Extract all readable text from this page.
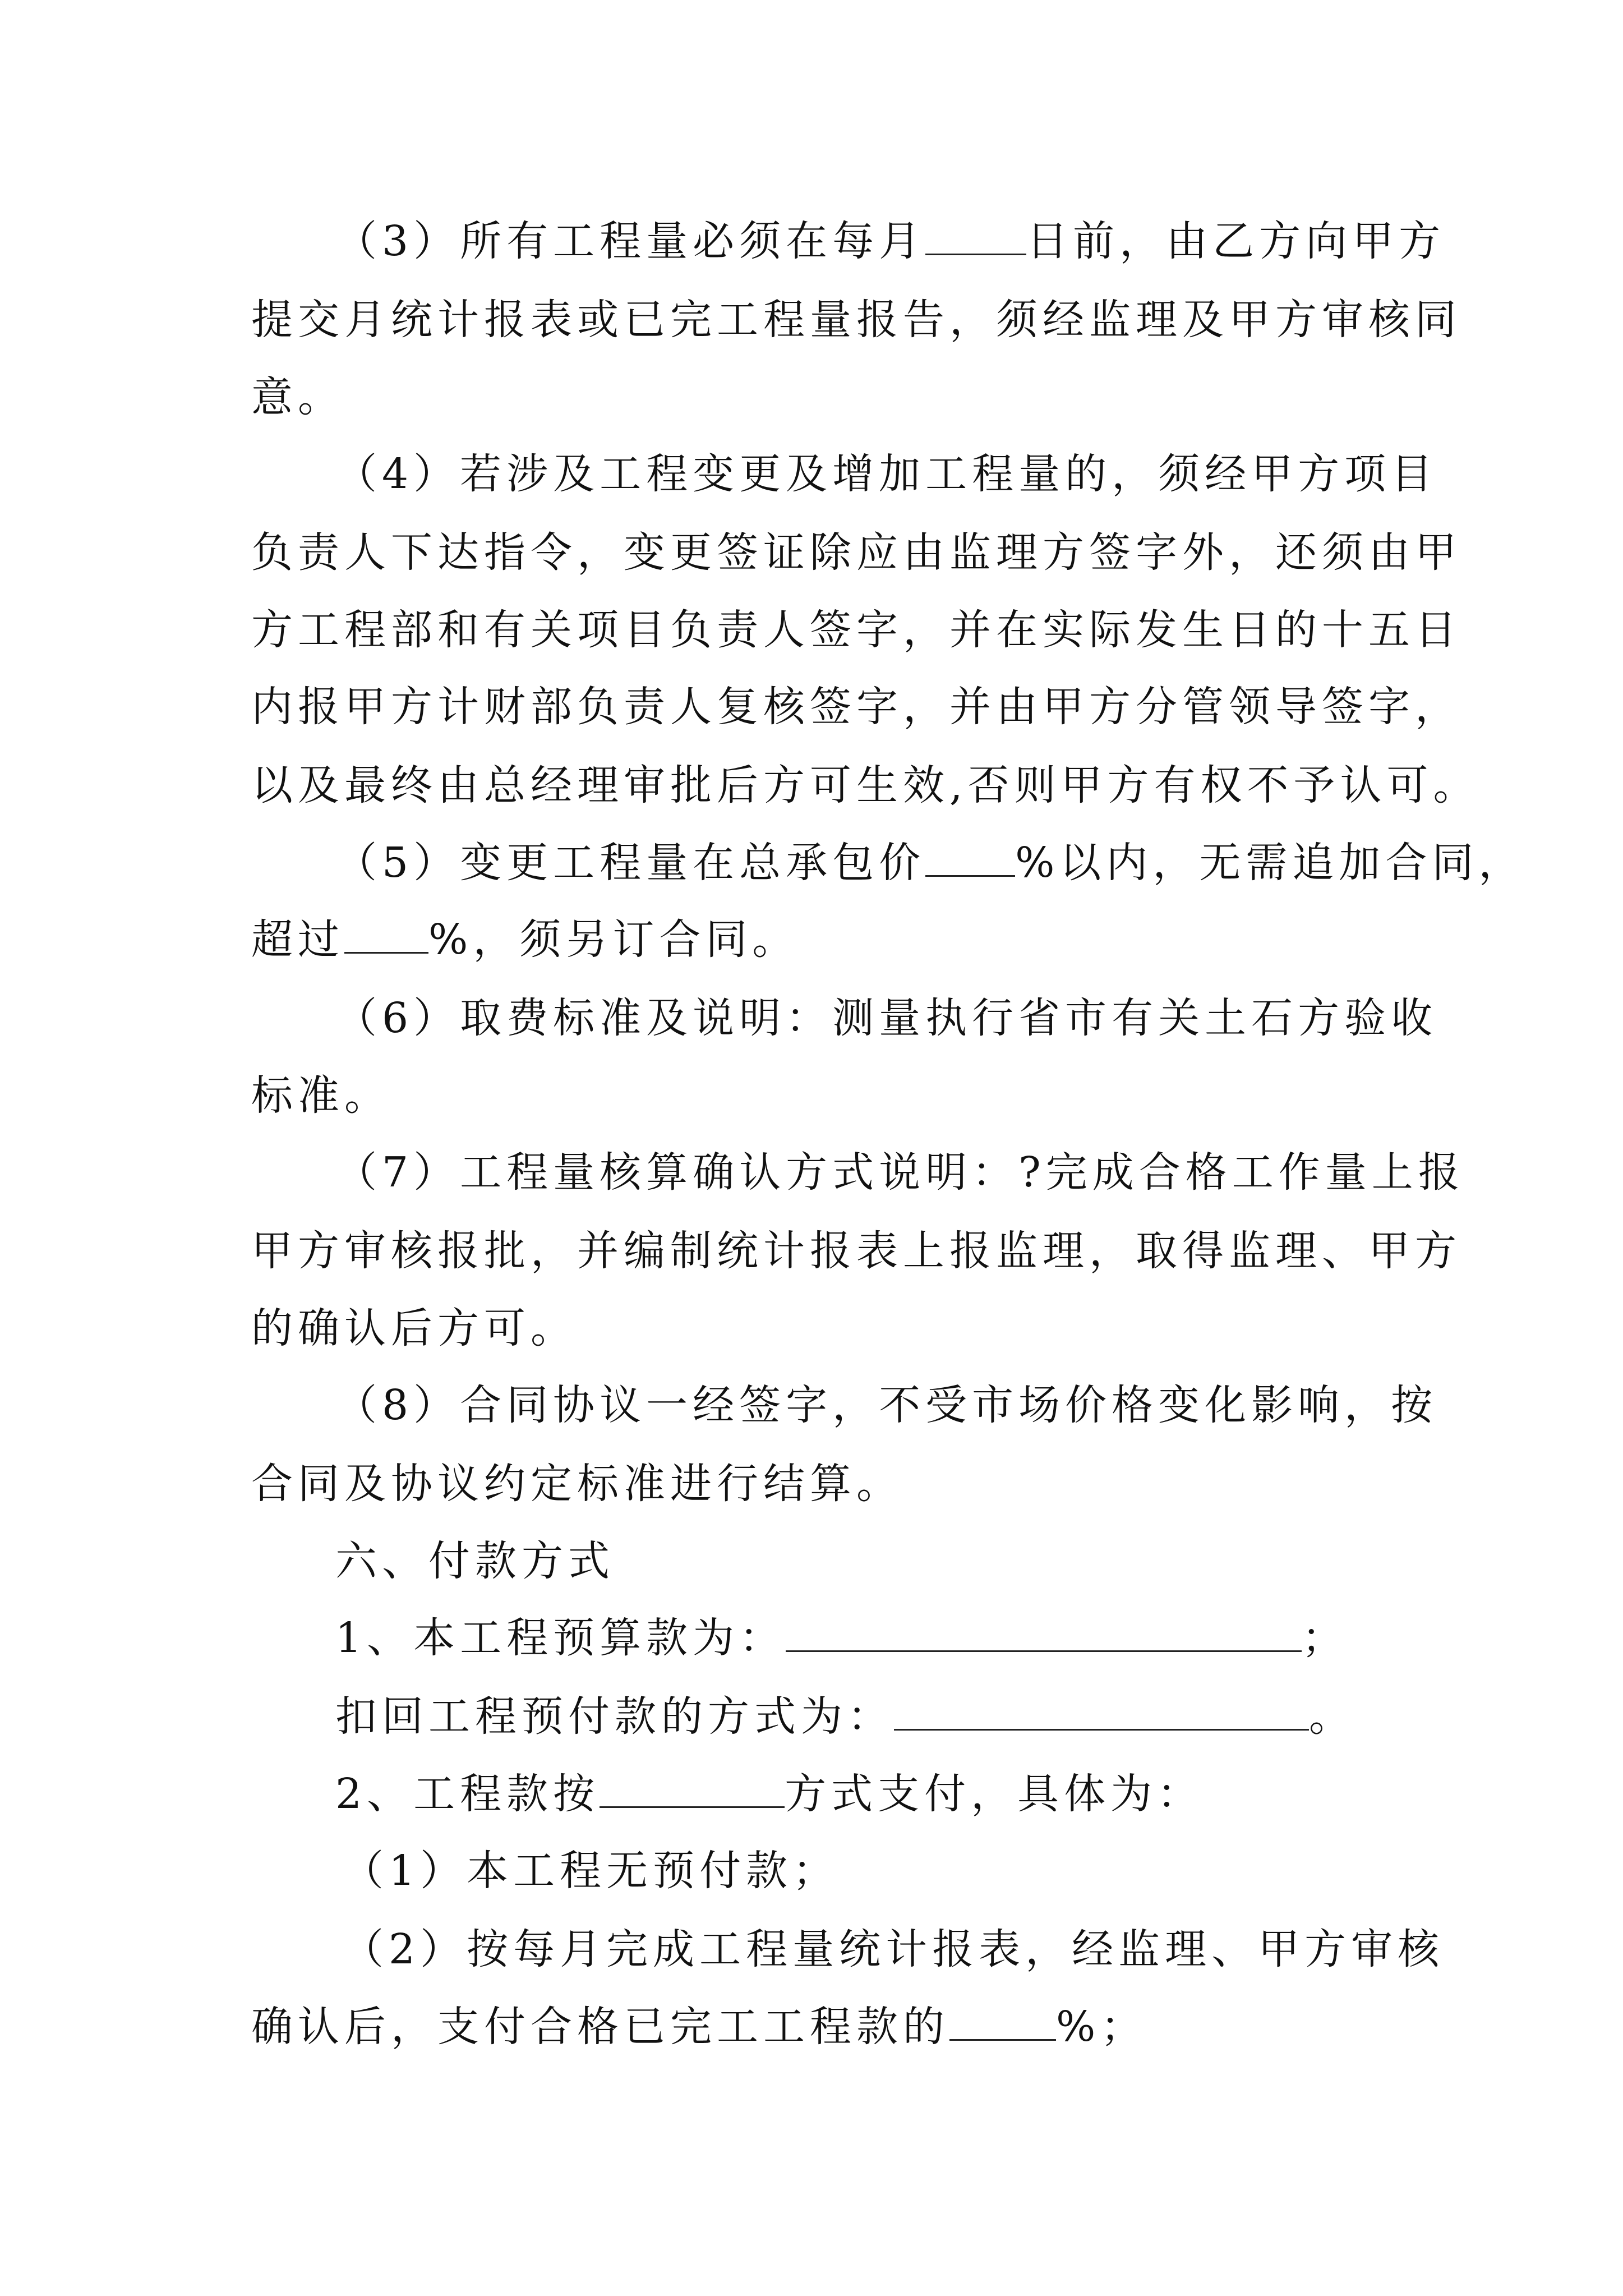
（3）所有工程量必须在每月 日前，由乙方向甲方
提交月统计报表或已完工程量报告，须经监理及甲方审核同
意。
（4）若涉及工程变更及增加工程量的，须经甲方项目
负责人下达指令，变更签证除应由监理方签字外，还须由甲
方工程部和有关项目负责人签字，并在实际发生日的十五日
内报甲方计财部负责人复核签字，并由甲方分管领导签字，
以及最终由总经理审批后方可生效,否则甲方有权不予认可。
（5）变更工程量在总承包价 %以内，无需追加合同，
超过 %，须另订合同。
（6）取费标准及说明：测量执行省市有关土石方验收
标准。
（7）工程量核算确认方式说明：?完成合格工作量上报
甲方审核报批，并编制统计报表上报监理，取得监理、甲方
的确认后方可。
（8）合同协议一经签字，不受市场价格变化影响，按
合同及协议约定标准进行结算。
六、付款方式
1、本工程预算款为：	；
扣回工程预付款的方式为：	。
2、工程款按	方式支付，具体为：
（1）本工程无预付款；
（2）按每月完成工程量统计报表，经监理、甲方审核
确认后，支付合格已完工工程款的	%；
